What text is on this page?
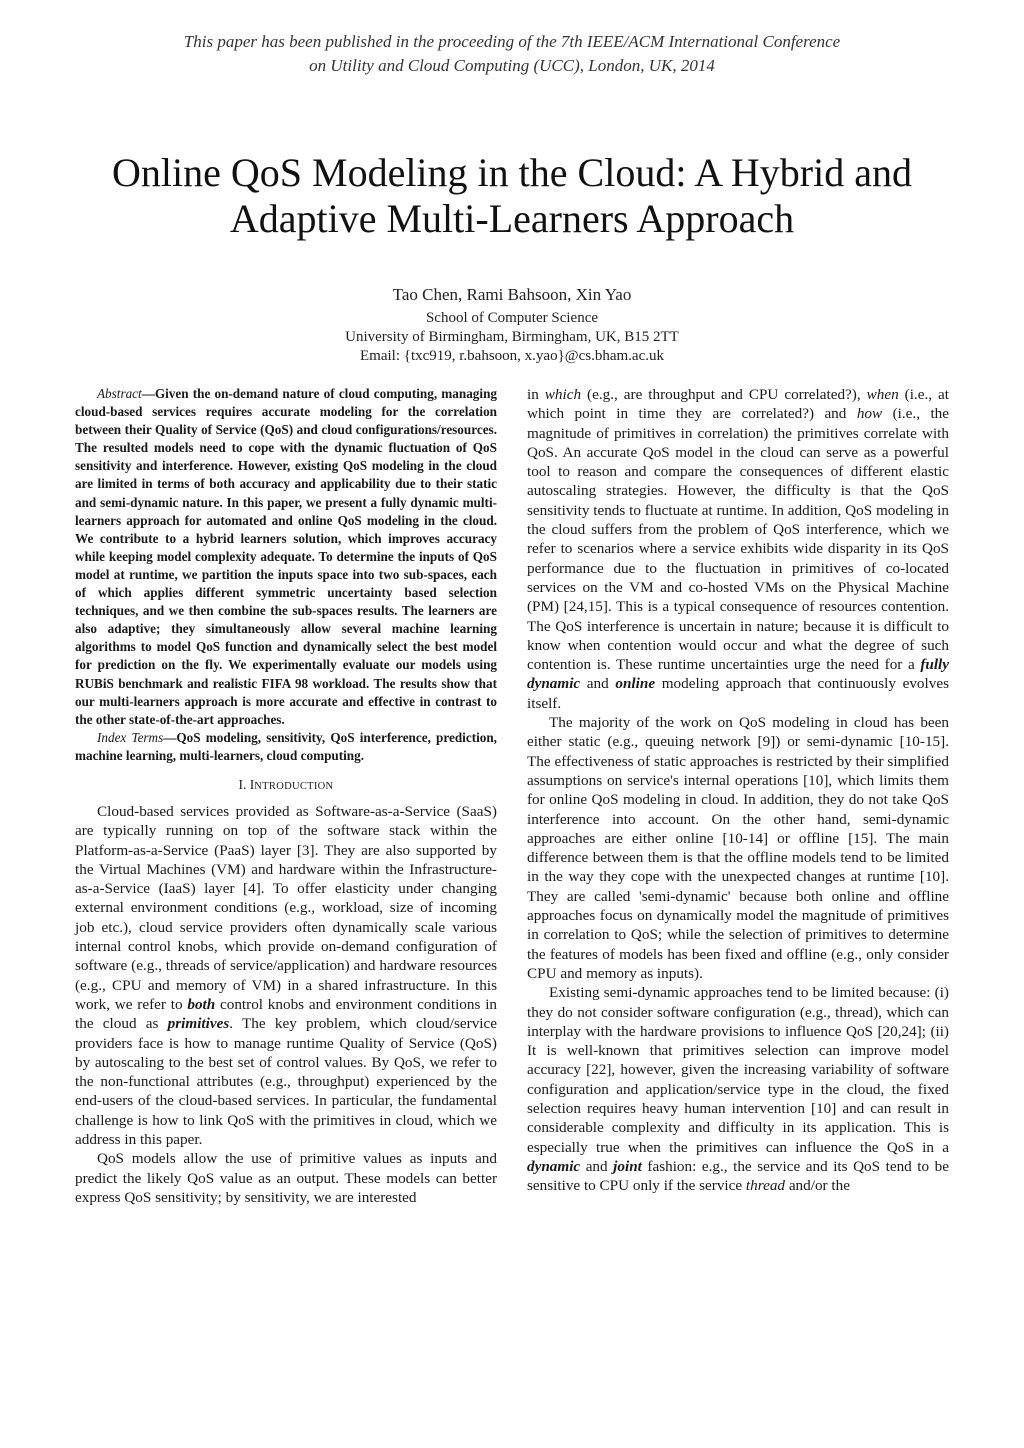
This paper has been published in the proceeding of the 7th IEEE/ACM International Conference
on Utility and Cloud Computing (UCC), London, UK, 2014
Online QoS Modeling in the Cloud: A Hybrid and
Adaptive Multi-Learners Approach
Tao Chen, Rami Bahsoon, Xin Yao
School of Computer Science
University of Birmingham, Birmingham, UK, B15 2TT
Email: {txc919, r.bahsoon, x.yao}@cs.bham.ac.uk

Abstract—Given the on-demand nature of cloud computing, managing cloud-based services requires accurate modeling for the correlation between their Quality of Service (QoS) and cloud configurations/resources. The resulted models need to cope with the dynamic fluctuation of QoS sensitivity and interference. However, existing QoS modeling in the cloud are limited in terms of both accuracy and applicability due to their static and semi-dynamic nature. In this paper, we present a fully dynamic multi-learners approach for automated and online QoS modeling in the cloud. We contribute to a hybrid learners solution, which improves accuracy while keeping model complexity adequate. To determine the inputs of QoS model at runtime, we partition the inputs space into two sub-spaces, each of which applies different symmetric uncertainty based selection techniques, and we then combine the sub-spaces results. The learners are also adaptive; they simultaneously allow several machine learning algorithms to model QoS function and dynamically select the best model for prediction on the fly. We experimentally evaluate our models using RUBiS benchmark and realistic FIFA 98 workload. The results show that our multi-learners approach is more accurate and effective in contrast to the other state-of-the-art approaches.

Index Terms—QoS modeling, sensitivity, QoS interference, prediction, machine learning, multi-learners, cloud computing.

I. INTRODUCTION

Cloud-based services provided as Software-as-a-Service (SaaS) are typically running on top of the software stack within the Platform-as-a-Service (PaaS) layer [3]. They are also supported by the Virtual Machines (VM) and hardware within the Infrastructure-as-a-Service (IaaS) layer [4]. To offer elasticity under changing external environment conditions (e.g., workload, size of incoming job etc.), cloud service providers often dynamically scale various internal control knobs, which provide on-demand configuration of software (e.g., threads of service/application) and hardware resources (e.g., CPU and memory of VM) in a shared infrastructure. In this work, we refer to both control knobs and environment conditions in the cloud as primitives. The key problem, which cloud/service providers face is how to manage runtime Quality of Service (QoS) by autoscaling to the best set of control values. By QoS, we refer to the non-functional attributes (e.g., throughput) experienced by the end-users of the cloud-based services. In particular, the fundamental challenge is how to link QoS with the primitives in cloud, which we address in this paper.

QoS models allow the use of primitive values as inputs and predict the likely QoS value as an output. These models can better express QoS sensitivity; by sensitivity, we are interested

in which (e.g., are throughput and CPU correlated?), when (i.e., at which point in time they are correlated?) and how (i.e., the magnitude of primitives in correlation) the primitives correlate with QoS. An accurate QoS model in the cloud can serve as a powerful tool to reason and compare the consequences of different elastic autoscaling strategies. However, the difficulty is that the QoS sensitivity tends to fluctuate at runtime. In addition, QoS modeling in the cloud suffers from the problem of QoS interference, which we refer to scenarios where a service exhibits wide disparity in its QoS performance due to the fluctuation in primitives of co-located services on the VM and co-hosted VMs on the Physical Machine (PM) [24,15]. This is a typical consequence of resources contention. The QoS interference is uncertain in nature; because it is difficult to know when contention would occur and what the degree of such contention is. These runtime uncertainties urge the need for a fully dynamic and online modeling approach that continuously evolves itself.

The majority of the work on QoS modeling in cloud has been either static (e.g., queuing network [9]) or semi-dynamic [10-15]. The effectiveness of static approaches is restricted by their simplified assumptions on service's internal operations [10], which limits them for online QoS modeling in cloud. In addition, they do not take QoS interference into account. On the other hand, semi-dynamic approaches are either online [10-14] or offline [15]. The main difference between them is that the offline models tend to be limited in the way they cope with the unexpected changes at runtime [10]. They are called 'semi-dynamic' because both online and offline approaches focus on dynamically model the magnitude of primitives in correlation to QoS; while the selection of primitives to determine the features of models has been fixed and offline (e.g., only consider CPU and memory as inputs).

Existing semi-dynamic approaches tend to be limited because: (i) they do not consider software configuration (e.g., thread), which can interplay with the hardware provisions to influence QoS [20,24]; (ii) It is well-known that primitives selection can improve model accuracy [22], however, given the increasing variability of software configuration and application/service type in the cloud, the fixed selection requires heavy human intervention [10] and can result in considerable complexity and difficulty in its application. This is especially true when the primitives can influence the QoS in a dynamic and joint fashion: e.g., the service and its QoS tend to be sensitive to CPU only if the service thread and/or the
